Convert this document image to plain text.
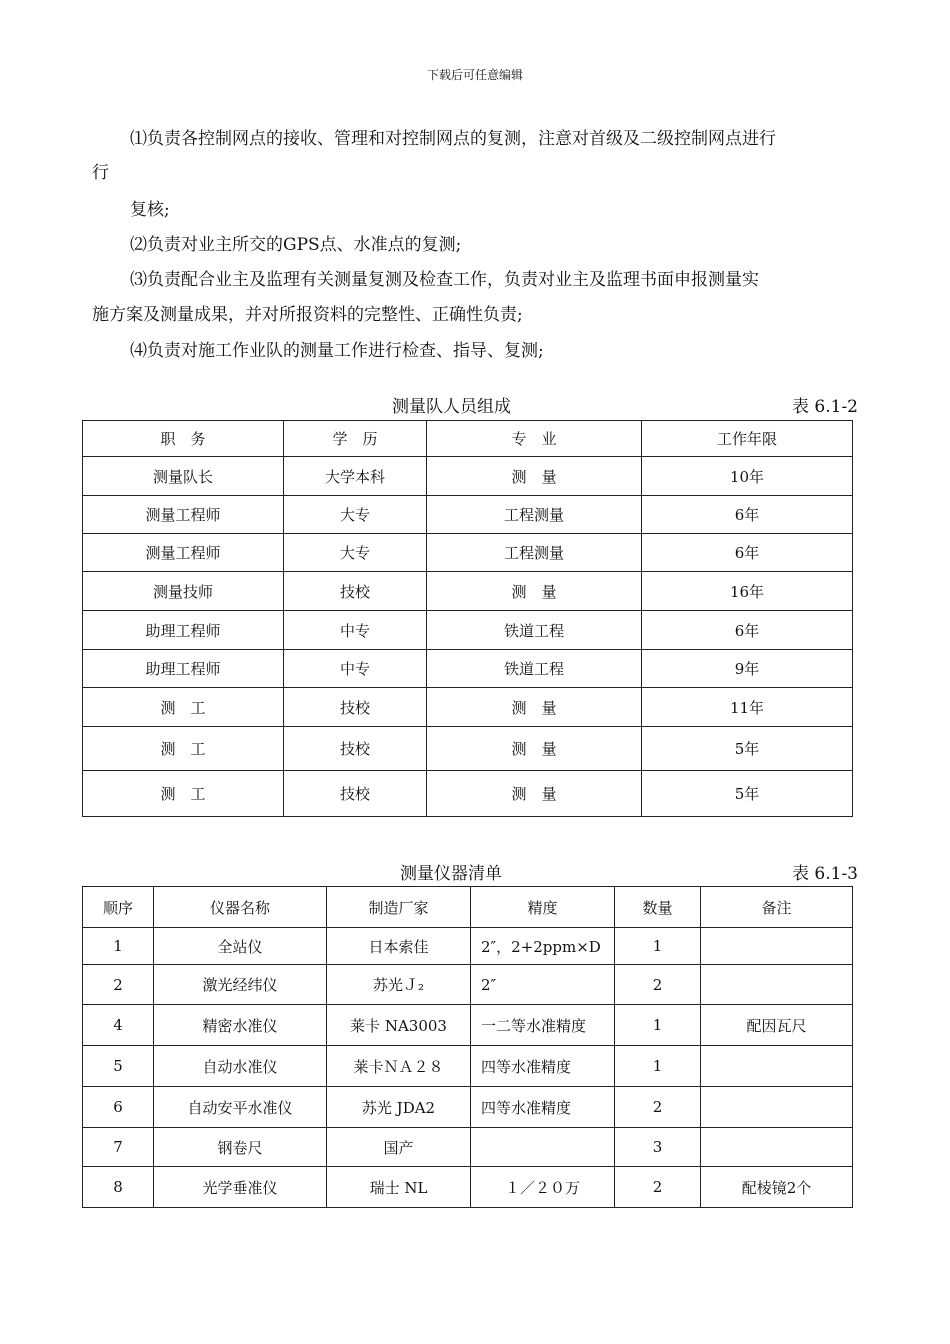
下载后可任意编辑
⑴负责各控制网点的接收、管理和对控制网点的复测，注意对首级及二级控制网点进行
行
复核;
⑵负责对业主所交的GPS点、水准点的复测;
⑶负责配合业主及监理有关测量复测及检查工作，负责对业主及监理书面申报测量实
施方案及测量成果，并对所报资料的完整性、正确性负责;
⑷负责对施工作业队的测量工作进行检查、指导、复测;
测量队人员组成	表 6.1-2
职　务	学　历	专　业	工作年限
测量队长	大学本科	测　量	10年
测量工程师	大专	工程测量	6年
测量工程师	大专	工程测量	6年
测量技师	技校	测　量	16年
助理工程师	中专	铁道工程	6年
助理工程师	中专	铁道工程	9年
测　工	技校	测　量	11年
测　工	技校	测　量	5年
测　工	技校	测　量	5年
测量仪器清单	表 6.1-3
顺序	仪器名称	制造厂家	精度	数量	备注
1	全站仪	日本索佳	2″，2+2ppm×D	1	
2	激光经纬仪	苏光Ｊ₂	2″	2	
4	精密水准仪	莱卡 NA3003	一二等水准精度	1	配因瓦尺
5	自动水准仪	莱卡ＮＡ２８	四等水准精度	1	
6	自动安平水准仪	苏光 JDA2	四等水准精度	2	
7	钢卷尺	国产		3	
8	光学垂准仪	瑞士 NL	１／２０万	2	配棱镜2个
